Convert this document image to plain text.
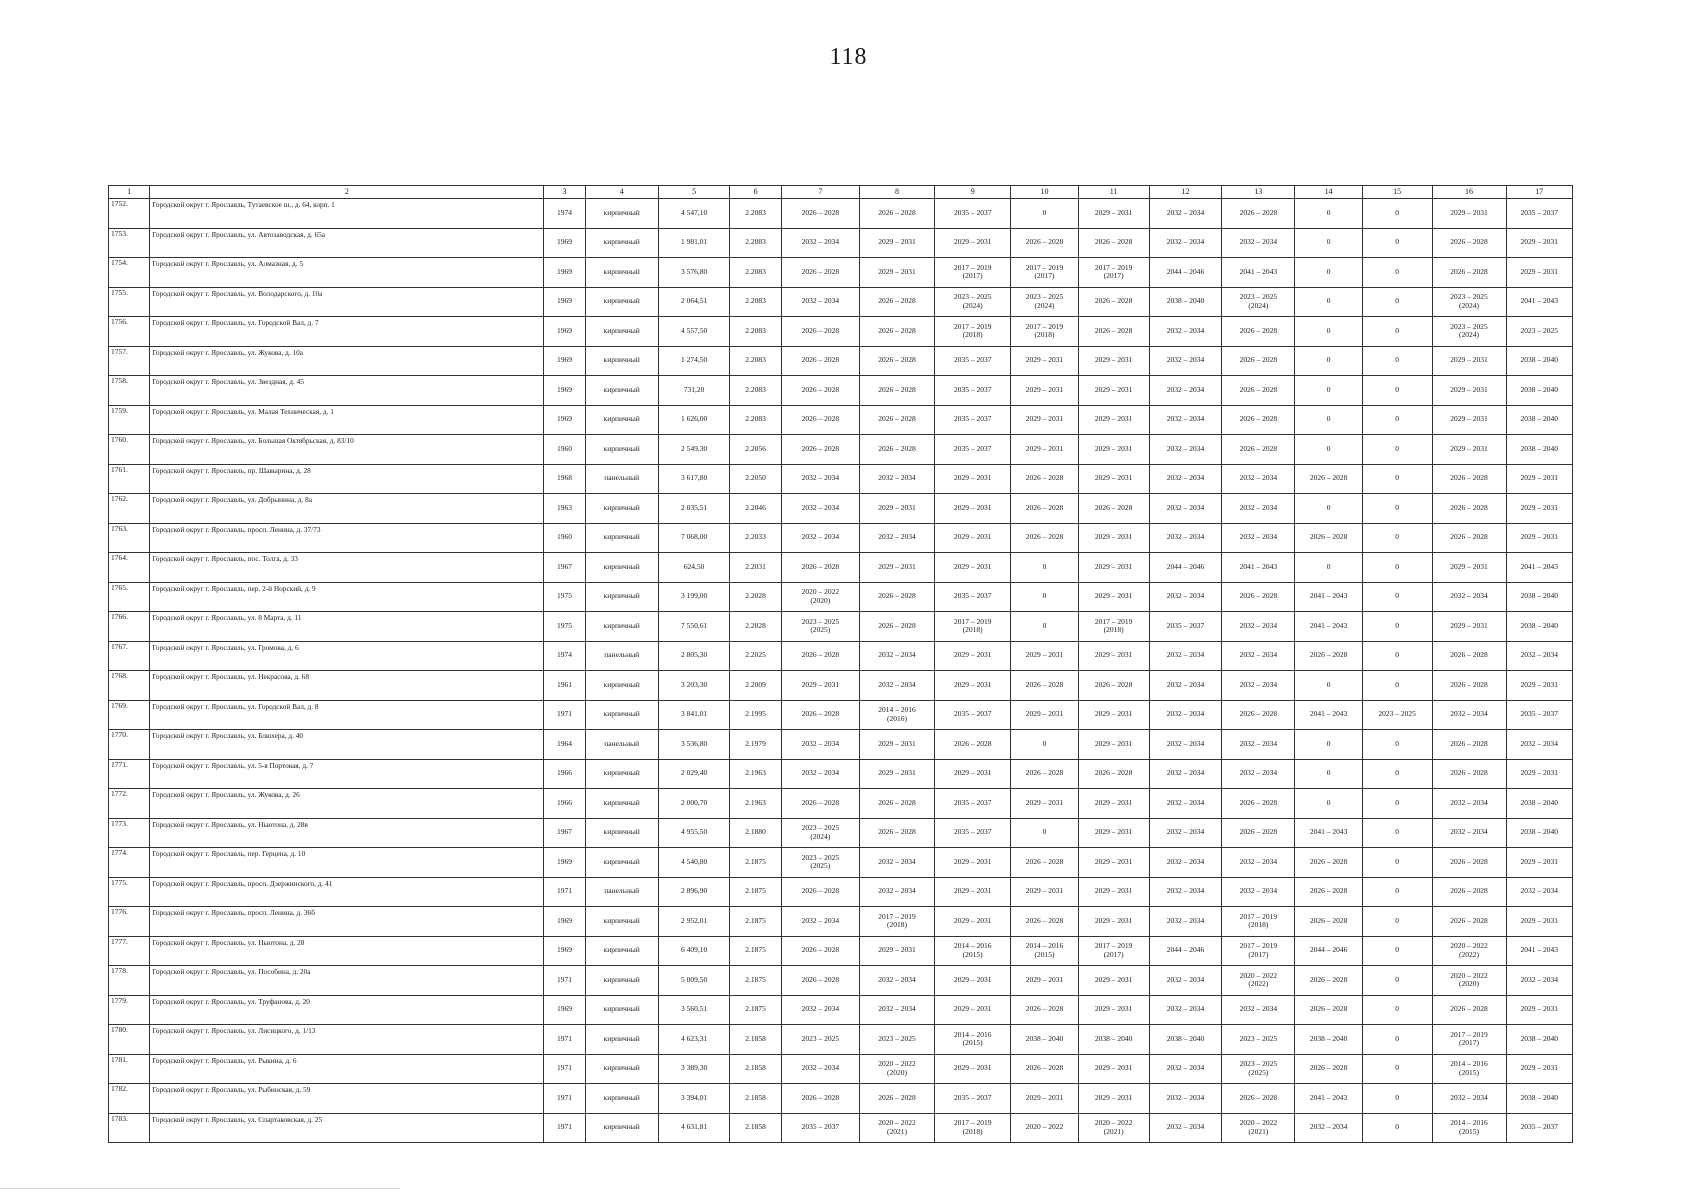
118
1	2	3	4	5	6	7	8	9	10	11	12	13	14	15	16	17
1752.	Городской округ г. Ярославль, Тутаевское ш., д. 64, корп. 1	1974	кирпичный	4 547,10	2.2083	2026 – 2028	2026 – 2028	2035 – 2037	0	2029 – 2031	2032 – 2034	2026 – 2028	0	0	2029 – 2031	2035 – 2037
1753.	Городской округ г. Ярославль, ул. Автозаводская, д. 65а	1969	кирпичный	1 981,01	2.2083	2032 – 2034	2029 – 2031	2029 – 2031	2026 – 2028	2026 – 2028	2032 – 2034	2032 – 2034	0	0	2026 – 2028	2029 – 2031
1754.	Городской округ г. Ярославль, ул. Алмазная, д. 5	1969	кирпичный	3 576,80	2.2083	2026 – 2028	2029 – 2031	2017 – 2019
(2017)	2017 – 2019
(2017)	2017 – 2019
(2017)	2044 – 2046	2041 – 2043	0	0	2026 – 2028	2029 – 2031
1755.	Городской округ г. Ярославль, ул. Володарского, д. 10а	1969	кирпичный	2 064,51	2.2083	2032 – 2034	2026 – 2028	2023 – 2025
(2024)	2023 – 2025
(2024)	2026 – 2028	2038 – 2040	2023 – 2025
(2024)	0	0	2023 – 2025
(2024)	2041 – 2043
1756.	Городской округ г. Ярославль, ул. Городской Вал, д. 7	1969	кирпичный	4 557,50	2.2083	2026 – 2028	2026 – 2028	2017 – 2019
(2018)	2017 – 2019
(2018)	2026 – 2028	2032 – 2034	2026 – 2028	0	0	2023 – 2025
(2024)	2023 – 2025
1757.	Городской округ г. Ярославль, ул. Жукова, д. 10а	1969	кирпичный	1 274,50	2.2083	2026 – 2028	2026 – 2028	2035 – 2037	2029 – 2031	2029 – 2031	2032 – 2034	2026 – 2028	0	0	2029 – 2031	2038 – 2040
1758.	Городской округ г. Ярославль, ул. Звездная, д. 45	1969	кирпичный	731,20	2.2083	2026 – 2028	2026 – 2028	2035 – 2037	2029 – 2031	2029 – 2031	2032 – 2034	2026 – 2028	0	0	2029 – 2031	2038 – 2040
1759.	Городской округ г. Ярославль, ул. Малая Техническая, д. 1	1969	кирпичный	1 626,00	2.2083	2026 – 2028	2026 – 2028	2035 – 2037	2029 – 2031	2029 – 2031	2032 – 2034	2026 – 2028	0	0	2029 – 2031	2038 – 2040
1760.	Городской округ г. Ярославль, ул. Большая Октябрьская, д. 83/10	1960	кирпичный	2 549,30	2.2056	2026 – 2028	2026 – 2028	2035 – 2037	2029 – 2031	2029 – 2031	2032 – 2034	2026 – 2028	0	0	2029 – 2031	2038 – 2040
1761.	Городской округ г. Ярославль, пр. Шавырина, д. 28	1968	панельный	3 617,80	2.2050	2032 – 2034	2032 – 2034	2029 – 2031	2026 – 2028	2029 – 2031	2032 – 2034	2032 – 2034	2026 – 2028	0	2026 – 2028	2029 – 2031
1762.	Городской округ г. Ярославль, ул. Добрынина, д. 8а	1963	кирпичный	2 035,51	2.2046	2032 – 2034	2029 – 2031	2029 – 2031	2026 – 2028	2026 – 2028	2032 – 2034	2032 – 2034	0	0	2026 – 2028	2029 – 2031
1763.	Городской округ г. Ярославль, просп. Ленина, д. 37/73	1960	кирпичный	7 068,00	2.2033	2032 – 2034	2032 – 2034	2029 – 2031	2026 – 2028	2029 – 2031	2032 – 2034	2032 – 2034	2026 – 2028	0	2026 – 2028	2029 – 2031
1764.	Городской округ г. Ярославль, пос. Толга, д. 33	1967	кирпичный	624,50	2.2031	2026 – 2028	2029 – 2031	2029 – 2031	0	2029 – 2031	2044 – 2046	2041 – 2043	0	0	2029 – 2031	2041 – 2043
1765.	Городской округ г. Ярославль, пер. 2-й Норский, д. 9	1975	кирпичный	3 199,00	2.2028	2020 – 2022
(2020)	2026 – 2028	2035 – 2037	0	2029 – 2031	2032 – 2034	2026 – 2028	2041 – 2043	0	2032 – 2034	2038 – 2040
1766.	Городской округ г. Ярославль, ул. 8 Марта, д. 11	1975	кирпичный	7 550,61	2.2028	2023 – 2025
(2025)	2026 – 2028	2017 – 2019
(2018)	0	2017 – 2019
(2018)	2035 – 2037	2032 – 2034	2041 – 2043	0	2029 – 2031	2038 – 2040
1767.	Городской округ г. Ярославль, ул. Громова, д. 6	1974	панельный	2 805,30	2.2025	2026 – 2028	2032 – 2034	2029 – 2031	2029 – 2031	2029 – 2031	2032 – 2034	2032 – 2034	2026 – 2028	0	2026 – 2028	2032 – 2034
1768.	Городской округ г. Ярославль, ул. Некрасова, д. 68	1961	кирпичный	3 203,30	2.2009	2029 – 2031	2032 – 2034	2029 – 2031	2026 – 2028	2026 – 2028	2032 – 2034	2032 – 2034	0	0	2026 – 2028	2029 – 2031
1769.	Городской округ г. Ярославль, ул. Городской Вал, д. 8	1971	кирпичный	3 841,01	2.1995	2026 – 2028	2014 – 2016
(2016)	2035 – 2037	2029 – 2031	2029 – 2031	2032 – 2034	2026 – 2028	2041 – 2043	2023 – 2025	2032 – 2034	2035 – 2037
1770.	Городской округ г. Ярославль, ул. Блюхера, д. 40	1964	панельный	3 536,80	2.1979	2032 – 2034	2029 – 2031	2026 – 2028	0	2029 – 2031	2032 – 2034	2032 – 2034	0	0	2026 – 2028	2032 – 2034
1771.	Городской округ г. Ярославль, ул. 5-я Портовая, д. 7	1966	кирпичный	2 029,40	2.1963	2032 – 2034	2029 – 2031	2029 – 2031	2026 – 2028	2026 – 2028	2032 – 2034	2032 – 2034	0	0	2026 – 2028	2029 – 2031
1772.	Городской округ г. Ярославль, ул. Жукова, д. 26	1966	кирпичный	2 000,70	2.1963	2026 – 2028	2026 – 2028	2035 – 2037	2029 – 2031	2029 – 2031	2032 – 2034	2026 – 2028	0	0	2032 – 2034	2038 – 2040
1773.	Городской округ г. Ярославль, ул. Ньютона, д. 28в	1967	кирпичный	4 955,50	2.1880	2023 – 2025
(2024)	2026 – 2028	2035 – 2037	0	2029 – 2031	2032 – 2034	2026 – 2028	2041 – 2043	0	2032 – 2034	2038 – 2040
1774.	Городской округ г. Ярославль, пер. Герцена, д. 10	1969	кирпичный	4 540,80	2.1875	2023 – 2025
(2025)	2032 – 2034	2029 – 2031	2026 – 2028	2029 – 2031	2032 – 2034	2032 – 2034	2026 – 2028	0	2026 – 2028	2029 – 2031
1775.	Городской округ г. Ярославль, просп. Дзержинского, д. 41	1971	панельный	2 896,90	2.1875	2026 – 2028	2032 – 2034	2029 – 2031	2029 – 2031	2029 – 2031	2032 – 2034	2032 – 2034	2026 – 2028	0	2026 – 2028	2032 – 2034
1776.	Городской округ г. Ярославль, просп. Ленина, д. 36б	1969	кирпичный	2 952,01	2.1875	2032 – 2034	2017 – 2019
(2018)	2029 – 2031	2026 – 2028	2029 – 2031	2032 – 2034	2017 – 2019
(2018)	2026 – 2028	0	2026 – 2028	2029 – 2031
1777.	Городской округ г. Ярославль, ул. Ньютона, д. 28	1969	кирпичный	6 409,10	2.1875	2026 – 2028	2029 – 2031	2014 – 2016
(2015)	2014 – 2016
(2015)	2017 – 2019
(2017)	2044 – 2046	2017 – 2019
(2017)	2044 – 2046	0	2020 – 2022
(2022)	2041 – 2043
1778.	Городской округ г. Ярославль, ул. Пособина, д. 20а	1971	кирпичный	5 009,50	2.1875	2026 – 2028	2032 – 2034	2029 – 2031	2029 – 2031	2029 – 2031	2032 – 2034	2020 – 2022
(2022)	2026 – 2028	0	2020 – 2022
(2020)	2032 – 2034
1779.	Городской округ г. Ярославль, ул. Труфанова, д. 20	1969	кирпичный	3 560,51	2.1875	2032 – 2034	2032 – 2034	2029 – 2031	2026 – 2028	2029 – 2031	2032 – 2034	2032 – 2034	2026 – 2028	0	2026 – 2028	2029 – 2031
1780.	Городской округ г. Ярославль, ул. Лисицкого, д. 1/13	1971	кирпичный	4 623,31	2.1858	2023 – 2025	2023 – 2025	2014 – 2016
(2015)	2038 – 2040	2038 – 2040	2038 – 2040	2023 – 2025	2038 – 2040	0	2017 – 2019
(2017)	2038 – 2040
1781.	Городской округ г. Ярославль, ул. Рыкина, д. 6	1971	кирпичный	3 389,30	2.1858	2032 – 2034	2020 – 2022
(2020)	2029 – 2031	2026 – 2028	2029 – 2031	2032 – 2034	2023 – 2025
(2025)	2026 – 2028	0	2014 – 2016
(2015)	2029 – 2031
1782.	Городской округ г. Ярославль, ул. Рыбинская, д. 59	1971	кирпичный	3 394,01	2.1858	2026 – 2028	2026 – 2028	2035 – 2037	2029 – 2031	2029 – 2031	2032 – 2034	2026 – 2028	2041 – 2043	0	2032 – 2034	2038 – 2040
1783.	Городской округ г. Ярославль, ул. Спартаковская, д. 25	1971	кирпичный	4 631,81	2.1858	2035 – 2037	2020 – 2022
(2021)	2017 – 2019
(2018)	2020 – 2022	2020 – 2022
(2021)	2032 – 2034	2020 – 2022
(2021)	2032 – 2034	0	2014 – 2016
(2015)	2035 – 2037
